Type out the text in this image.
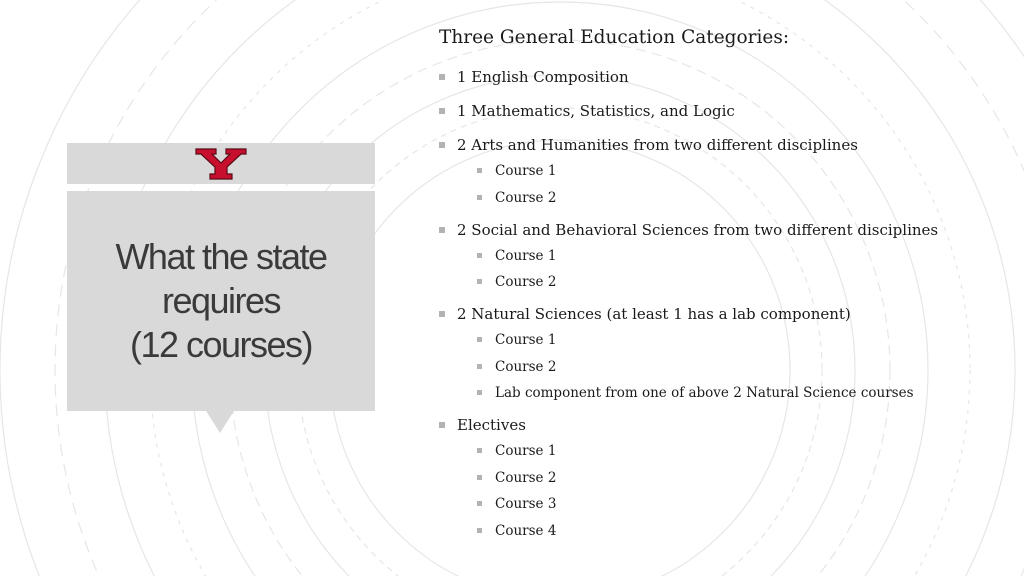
What the state
requires
(12 courses)
Three General Education Categories:
1 English Composition
1 Mathematics, Statistics, and Logic
2 Arts and Humanities from two different disciplines
Course 1
Course 2
2 Social and Behavioral Sciences from two different disciplines
Course 1
Course 2
2 Natural Sciences (at least 1 has a lab component)
Course 1
Course 2
Lab component from one of above 2 Natural Science courses
Electives
Course 1
Course 2
Course 3
Course 4
